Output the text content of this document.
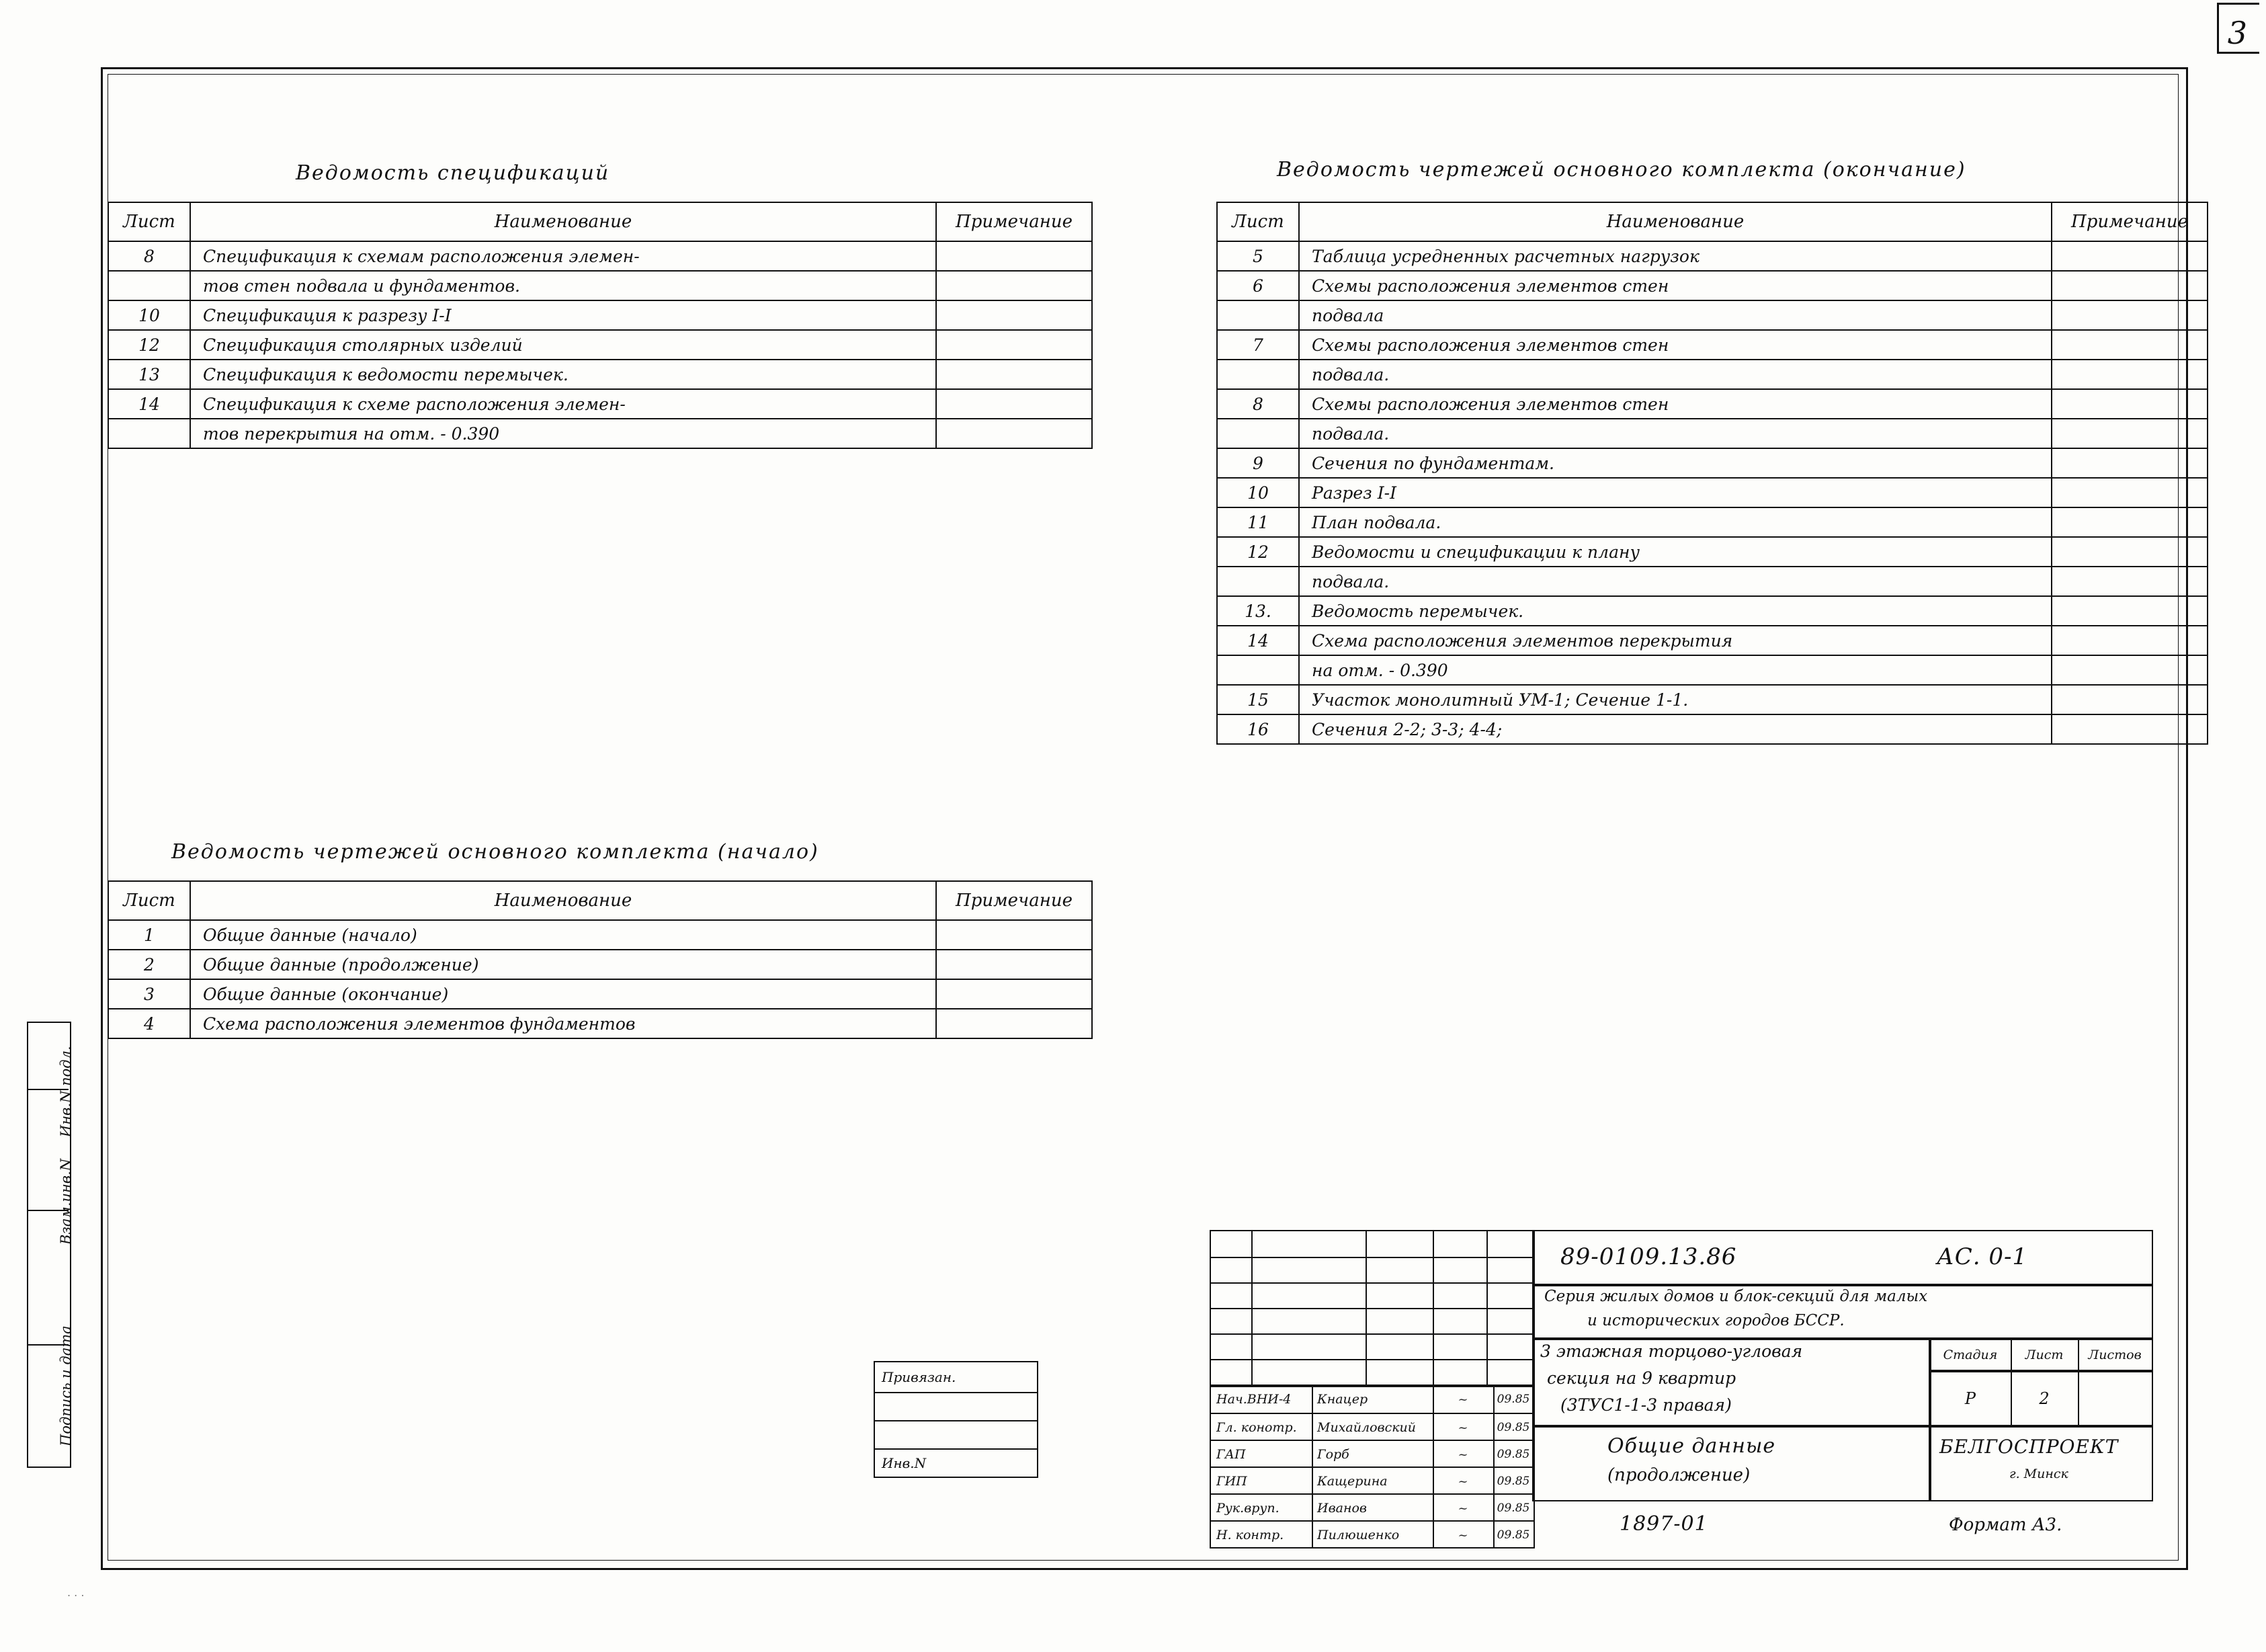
3
Подпись и дата
Взам.инв.N
Инв.N подл.
Ведомость спецификаций
Лист	Наименование	Примечание
8	Спецификация к схемам расположения элемен-	
	тов стен подвала и фундаментов.	
10	Спецификация к разрезу I-I	
12	Спецификация столярных изделий	
13	Спецификация к ведомости перемычек.	
14	Спецификация к схеме расположения элемен-	
	тов перекрытия на отм. - 0.390	
Ведомость чертежей основного комплекта (начало)
Лист	Наименование	Примечание
1	Общие данные (начало)	
2	Общие данные (продолжение)	
3	Общие данные (окончание)	
4	Схема расположения элементов фундаментов	
Ведомость чертежей основного комплекта (окончание)
Лист	Наименование	Примечание
5	Таблица усредненных расчетных нагрузок	
6	Схемы расположения элементов стен	
	подвала	
7	Схемы расположения элементов стен	
	подвала.	
8	Схемы расположения элементов стен	
	подвала.	
9	Сечения по фундаментам.	
10	Разрез I-I	
11	План подвала.	
12	Ведомости и спецификации к плану	
	подвала.	
13.	Ведомость перемычек.	
14	Схема расположения элементов перекрытия	
	на отм. - 0.390	
15	Участок монолитный УМ-1; Сечение 1-1.	
16	Сечения 2-2; 3-3; 4-4;	
Привязан.

Инв.N
Нач.ВНИ-4	Кнацер	~	09.85
Гл. конотр.	Михайловский	~	09.85
ГАП	Горб	~	09.85
ГИП	Кащерина	~	09.85
Рук.вруп.	Иванов	~	09.85
Н. контр.	Пилюшенко	~	09.85
89-0109.13.86	АС. 0-1
Серия жилых домов и блок-секций для малых
и исторических городов БССР.
3 этажная торцово-угловая
секция на 9 квартир
(3ТУС1-1-3 правая)
Стадия	Лист	Листов
Р	2
Общие данные
(продолжение)
БЕЛГОСПРОЕКТ
г. Минск
1897-01	Формат А3.
. . .
